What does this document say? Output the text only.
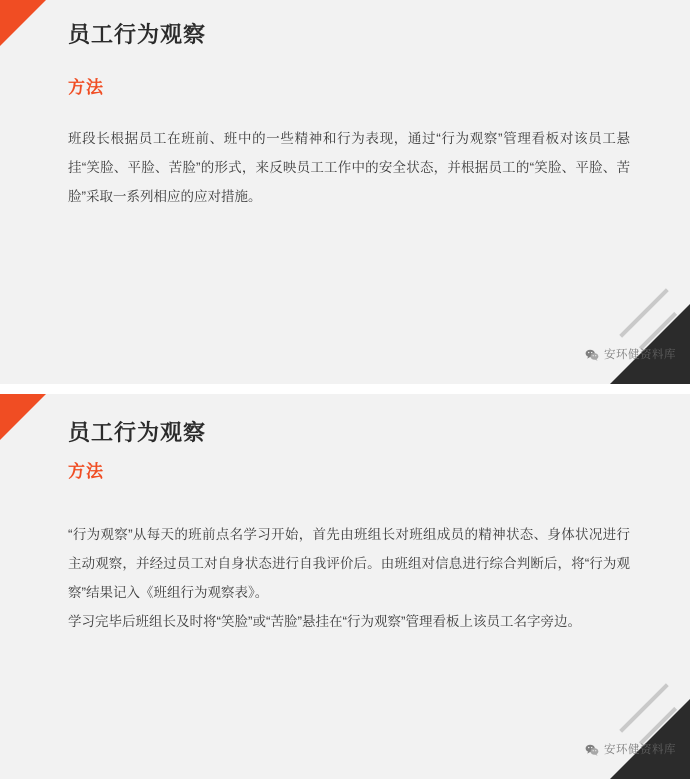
员工行为观察
方法

班段长根据员工在班前、班中的一些精神和行为表现，通过“行为观察”管理看板对该员工悬挂“笑脸、平脸、苦脸”的形式，来反映员工工作中的安全状态，并根据员工的“笑脸、平脸、苦脸”采取一系列相应的应对措施。

安环健资料库
员工行为观察
方法

“行为观察”从每天的班前点名学习开始，首先由班组长对班组成员的精神状态、身体状况进行主动观察，并经过员工对自身状态进行自我评价后。由班组对信息进行综合判断后，将“行为观察”结果记入《班组行为观察表》。

学习完毕后班组长及时将“笑脸”或“苦脸”悬挂在“行为观察”管理看板上该员工名字旁边。

安环健资料库
